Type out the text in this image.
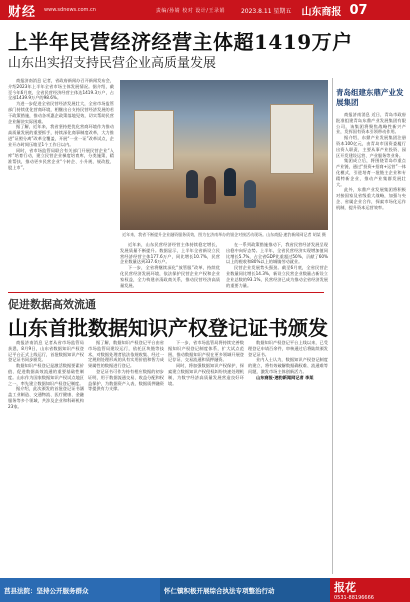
财经	www.sdnews.com.cn	责编/孙婧 校对 设计/王录娟	2023.8.11 星期五 山东商报 07
上半年民营经济经营主体超1419万户
山东出实招支持民营企业高质量发展

商报济南消息 记者，省政府新闻办召开新闻发布会，介绍2023年上半年全省市场主体发展情况。据介绍，截至今年6月底，全省民营经济经营主体达1419.3万户，占全部1439.9万户的98.6%。

为进一步促进全省民营经济发展壮大，全省市场监管部门持续优化营商环境，相继出台支持民营经济发展的若干政策措施，推动各项惠企政策落地见效，切实帮助民营企业解决实际困难。

据了解，近年来，我省坚持把优化营商环境作为推动高质量发展的重要抓手，持续深化商事制度改革，大力推进“证照分离”改革全覆盖，开展“一业一证”改革试点，企业开办时间压缩至1个工作日以内。

同时，省市场监管局联合有关部门开展民营企业“入库”培育行动，建立民营企业梯度培育库，分类施策，精准帮扶，推动更多民营企业“个转企、小升规、规改股、股上市”。

近年来，我省不断提升企业融资服务质效，图为在济南举办的银企对接活动现场。山东商报·速豹新闻网记者 胡某 摄

近年来，山东民营经济经营主体持续稳定增长，发展质量不断提升。数据显示，上半年全省新设立民营经济经营主体177.6万户，同比增长10.7%，民营企业数量达到337.6万户。

下一步，全省将继续深化“放管服”改革，持续优化民营经济发展环境，依法保护民营企业产权和企业家权益，全力构建亲清政商关系，推动民营经济高质量发展。

在一系列政策措施推动下，我省民营经济发展呈现出稳中向好态势。上半年，全省民营经济实现增加值同比增长5.7%，占全省GDP比重超过50%，贡献了60%以上的税收和80%以上的城镇劳动就业。

民营企业发展势头强劲。截至6月底，全省民营企业数量同比增长14.3%，新设立民营企业数量占新设立企业总数的93.1%，民营经济已成为推动全省经济发展的重要力量。

青岛组建东鼎产业发展集团

商报济南消息 近日，青岛市政府批准组建青岛东鼎产业发展集团有限公司，该集团将聚焦战略性新兴产业，发挥国有资本引领带动作用。

据介绍，东鼎产业发展集团注册资本100亿元，由青岛市国资委履行出资人职责，主要从事产业投资、园区开发建设运营、产业服务等业务。

集团成立后，将围绕青岛市重点产业链，通过“投资+招商+运营”一体化模式，引进培育一批链主企业和专精特新企业，推动产业集群发展壮大。

此外，东鼎产业发展集团将积极对接国家及省级重大战略，加强与央企、省属企业合作，探索市场化运作机制，提升资本运营效率。

促进数据高效流通
山东首批数据知识产权登记证书颁发

商报济南消息 记者从省市场监管局获悉，8月9日，山东省数据知识产权登记平台正式上线运行，首批数据知识产权登记证书同步颁发。

数据知识产权登记是激活数据要素价值、促进数据高效流通的重要基础性制度。山东作为国家数据知识产权试点地区之一，率先建立数据知识产权登记制度。

据介绍，此次颁发的首批登记证书涵盖工业制造、交通物流、医疗健康、金融服务等多个领域，共涉及企业和科研机构23家。

据了解，数据知识产权登记平台由省市场监管局建设运行，依托区块链等技术，对数据处理者依法依规收集、经过一定规则处理形成的具有实用价值和智力成果属性的数据进行登记。

登记证书可作为持有相应数据的初步证明，用于数据流通交易、收益分配和权益保护，为数据资产入表、数据质押融资等提供有力支撑。

下一步，省市场监管局将持续完善数据知识产权登记制度体系，扩大试点范围，推动数据知识产权在更多领域开展登记存证、交易流通和质押融资。

同时，将加强数据知识产权保护，探索建立数据知识产权侵权纠纷快速处理机制，为数字经济高质量发展营造良好环境。

数据知识产权登记平台上线以来，已受理登记申请百余件，审核通过后将陆续颁发登记证书。

业内人士认为，数据知识产权登记制度的建立，将有效破解数据确权难、流通难等问题，激发市场主体创新活力。

山东商报·速豹新闻网记者 李某

莒县法院：坚持公开服务群众	怀仁镇积极开展综合执法专项整治行动	报花
0531-88196666
